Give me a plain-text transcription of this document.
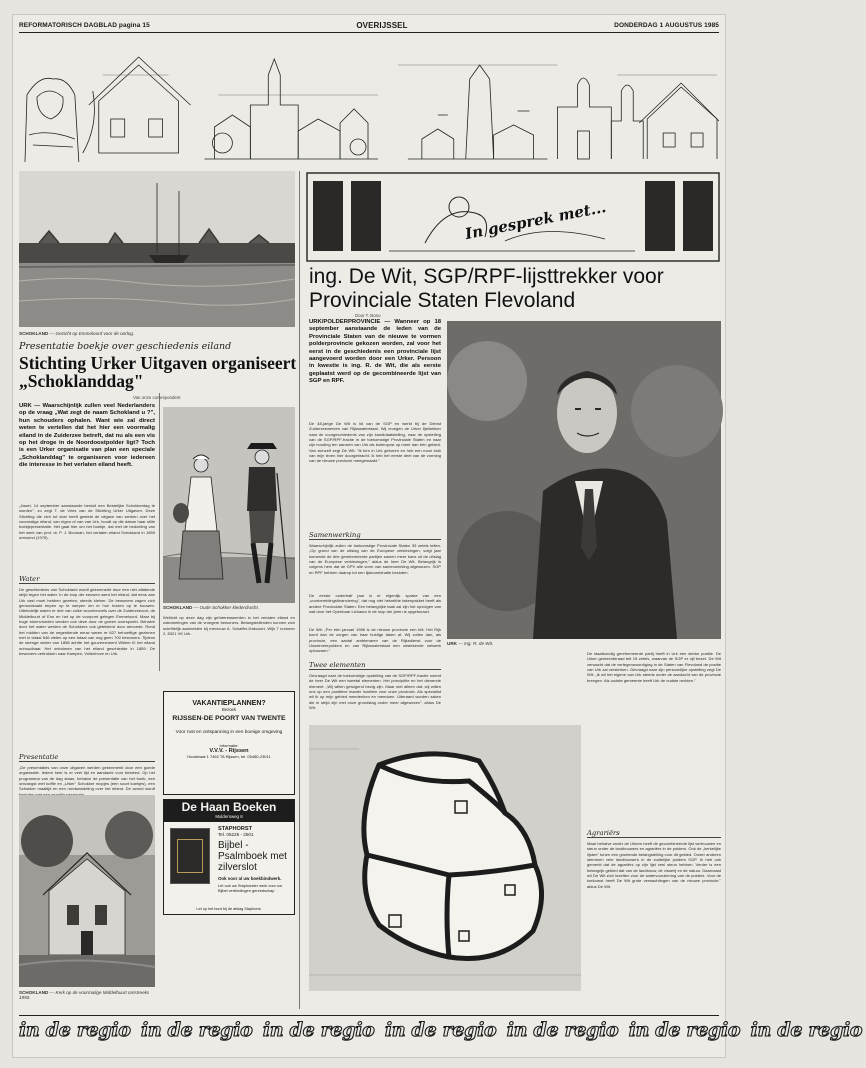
REFORMATORISCH DAGBLAD pagina 15	OVERIJSSEL	DONDERDAG 1 AUGUSTUS 1985
SCHOKLAND — Gezicht op Emmeloord voor de oorlog.
Presentatie boekje over geschiedenis eiland
Stichting Urker Uitgaven organiseert „Schoklanddag"
Van onze correspondent
URK — Waarschijnlijk zullen veel Nederlanders op de vraag „Wat zegt de naam Schokland u ?", hun schouders ophalen. Want wie zal direct weten te vertellen dat het hier een voormalig eiland in de Zuiderzee betreft, dat nu als een vis op het droge in de Noordoostpolder ligt? Toch is een Urker organisatie van plan een speciale „Schoklanddag" te organiseren voor iedereen die interesse in het verlaten eiland heeft.
„Jawel, 14 september aanstaande besluit een Bestelijke Schokkerdag te worden", zo zegt T. de Vries van de Stichting Urker Uitgaven. Deze Stichting die zich tot doel heeft gesteld de uitgave van werken over het voormalige eiland, van eigen of van van Urk, houdt op die datum haar stille boekjepresentatie. Het gaat hier om het boekje, dat met de bedoeling van het werk van prof. dr. P. J. Bouman, het verlaten eiland Schokland in 1859 ontruimd (1975).
Water
De geschiedenis van Schokland wordt gekenmerkt door een niet aflatende strijd tegen het water. In de loop der eeuwen werd het eiland, dat eens aan Urk vast moet hebben gezeten, steeds kleiner. De bewoners zagen zich genoodzaakt terpen op te werpen om er hun huizen op te bouwen. Uiteindelijk waren er drie van zulke woonheuvels over de Zuiderzeeoort, de Middelbuurt of Ens en het op de voorpunt gelegen Emmeloord. Maar bij hoge stormvloeden werden ook deze door de golven overspoeld. Behalve door het water werden de Schokkers ook geteisterd door armoede. Rond het midden van de negentiende eeuw waren er 627 behoeftige gezinnen met in totaal 646 zielen op een totaal van nog geen 700 bewoners. Tijdens de strenge winter van 1858 achtte het gouvernement Willem III het eiland onhoudbaar. Het ontruimen van het eiland geschiedde in 1859. De bewoners vertrokken naar Kampen, Vollenhove en Urk.
Presentatie
„De presentaties van onze uitgaven werden gekenmerkt door een goede organisatie. Iedere keer is er veel tijd en aandacht voor besteed. Op het programma van de dag staan, behalve de presentatie van het boek, een ontvangst met koffie en „Urker" Schokker mopjes (een soort koekjes), een Schokker maaltijd en een rondwandeling over het eiland. De avond wordt
SCHOKLAND — Oude Schokker klederdracht.
Wellicht op deze dag zijn geïnteresseerden in het verlaten eiland en nakomelingen van de vroegere bewoners. Belangstellenden kunnen zich schriftelijk aanmelden bij mevrouw A. Schaffer-Hakvoort, Wijk 7 nummer 2, 8321 VK Urk.
VAKANTIEPLANNEN?
Bezoek
RIJSSEN-DE POORT VAN TWENTE
Voor rust en ontspanning in een boeiige omgeving
Informatie:
V.V.V. - Rijssen
Hooistraat 1 7462 TA Rijssen, tel. 05480-23011
De Haan Boeken
Muldersweg 8
STAPHORST
Tel. 05225 - 2501
Bijbel - Psalmboek met zilverslot
Ook voor al uw boekbindwerk.
Let ook uw Staphorster werk voor uw Bijbel verbindingen gereedschap
Let op het bord bij de afslag Staphorst.
SCHOKLAND — Kerk op de voormalige Middelbuurt omstreeks 1950.
In gesprek met...
ing. De Wit, SGP/RPF-lijsttrekker voor Provinciale Staten Flevoland
Door T. Bono
URK/POLDERPROVINCIE — Wanneer op 18 september aanstaande de leden van de Provinciale Staten van de nieuwe te vormen polderprovincie gekozen worden, zal voor het eerst in de geschiedenis een provinciale lijst aangevoerd worden door een Urker. Persoon in kwestie is ing. R. de Wit, die als eerste geplaatst werd op de gecombineerde lijst van SGP en RPF.
De 48-jarige De Wit is lid van de SGP en werkt bij de Dienst Zuiderzeewerken van Rijkswaterstaat. Wij vroegen de Urker lijsttrekker naar de voorgeschiedenis van zijn kandidaatstelling, naar de opstelling van de SGP/RPF-fractie in de toekomstige Provinciale Staten en naar zijn houding ten aanzien van Urk als buitenpost op meer dan één gebied. Van zichzelf zegt De Wit: "Ik ben in Urk geboren en heb een mooi stuk van mijn leven hier doorgebracht. Ik heb het eerste deel van de vorming van de nieuwe provincie meegemaakt."
Samenwerking
Waarschijnlijk zullen de toekomstige Provinciale Staten 39 zetels tellen. „Op grond van de uitslag van de Europese verkiezingen, volgt jaar komende de drie gereformeerde partijen samen meer kans uit de uitslag van de Europese verkiezingen," aldus de heer De Wit. Belangrijk is volgens hem dat de GPV alle vorm van samenwerking afgewezen. SGP en RPF hebben daarop tot een lijstcombinatie besloten.
De eerste onderhalf jaar is er eigenlijk sprake van een „voorbereidingsfinanciering", dat nog niet hetzelfde takenpakket heeft als andere Provinciale Staten. Een belangrijke taak zal zijn het opvolgen van wat door het Openbaar Lichaam in de loop der jaren is opgebouwd.
De Wit: „Per één januari 1986 is de nieuwe provincie een feit. Het Rijk komt dan de zorgen van haar huidige taken af. Wij zullen dan, als provincie, een aantal ambtenaren van de Rijksdienst voor de IJsselmeerpolders en van Rijkswaterstaat een uitstekende netwerk opbouwen."
URK — Ing. R. de Wit.
Twee elementen
Gevraagd naar de toekomstige opstelling van de SGP/RPF-fractie noemt de heer De Wit een tweetal elementen. Het principiële en het dienende element. „Wij willen getuigend bezig zijn. Maar niet alleen dat: wij willen ons op een positieve manier inzetten voor onze provincie. Als specialist wil ik op mijn gebied meedenken en meedoen. Uiteraard worden zaken die in strijd zijn met onze grondslag onder meer afgewezen", aldus De Wit.
De staatkundig gereformeerde partij heeft in Urk een sterke positie. De Urker gemeenteraad telt 15 zetels, waarvan de SGP er vijf bezet. De Wit verwacht dat de vertegenwoordiging in de Staten van Flevoland de positie van Urk zal versterken. Gevraagd naar zijn persoonlijke opstelling zegt De Wit: „Ik wil het eigene van Urk steeds onder de aandacht van de provincie brengen. Als oudste gemeente heeft Urk de oudste rechten."
Agrariërs
Maar behalve onder de Urkers heeft de gecombineerde lijst vertrouwen en steun onder de landbouwers en agrariërs in de polders. Ook de „kerkelijke lijsten" tonen een groeiende belangstelling voor dit gebied. Onder anderen stemmen vele landbouwers in de zuidelijke polders SGP. Ik heb ook gemerkt dat de agrariërs op zijn lijst veel steun hebben. Verder is een belangrijk gebied dat van de landbouw, de visserij en de natuur. Daarnaast wil De Wit zich inzetten voor de watervoorziening van de polders. Voor de toekomst heeft De Wit grote verwachtingen van de nieuwe provincie." aldus De Wit.
in de regio in de regio in de regio in de regio in de regio in de regio in de regio
